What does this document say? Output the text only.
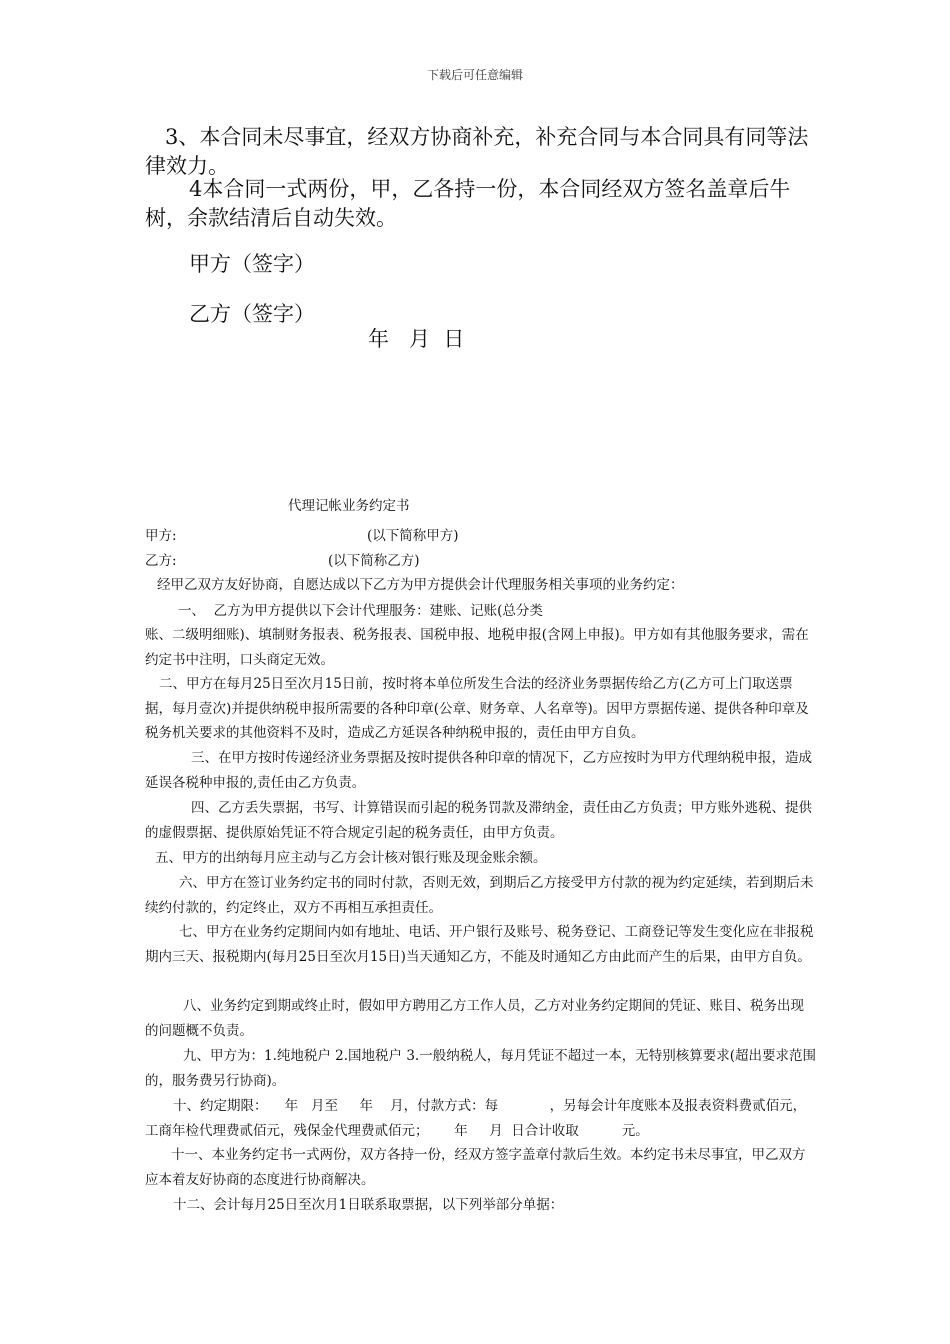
下载后可任意编辑
3、本合同未尽事宜，经双方协商补充，补充合同与本合同具有同等法律效力。
4本合同一式两份，甲，乙各持一份，本合同经双方签名盖章后牛树，余款结清后自动失效。
甲方（签字）
乙方（签字）
年   月  日
代理记帐业务约定书
甲方:	(以下简称甲方)
乙方:	(以下简称乙方)
经甲乙双方友好协商，自愿达成以下乙方为甲方提供会计代理服务相关事项的业务约定：
一、  乙方为甲方提供以下会计代理服务：建账、记账(总分类
账、二级明细账)、填制财务报表、税务报表、国税申报、地税申报(含网上申报)。甲方如有其他服务要求，需在约定书中注明，口头商定无效。
二、甲方在每月25日至次月15日前，按时将本单位所发生合法的经济业务票据传给乙方(乙方可上门取送票据，每月壹次)并提供纳税申报所需要的各种印章(公章、财务章、人名章等)。因甲方票据传递、提供各种印章及税务机关要求的其他资料不及时，造成乙方延误各种纳税申报的，责任由甲方自负。
三、在甲方按时传递经济业务票据及按时提供各种印章的情况下，乙方应按时为甲方代理纳税申报，造成延误各税种申报的,责任由乙方负责。
四、乙方丢失票据，书写、计算错误而引起的税务罚款及滞纳金，责任由乙方负责；甲方账外逃税、提供的虚假票据、提供原始凭证不符合规定引起的税务责任，由甲方负责。
五、甲方的出纳每月应主动与乙方会计核对银行账及现金账余额。
六、甲方在签订业务约定书的同时付款，否则无效，到期后乙方接受甲方付款的视为约定延续，若到期后未续约付款的，约定终止，双方不再相互承担责任。
七、甲方在业务约定期间内如有地址、电话、开户银行及账号、税务登记、工商登记等发生变化应在非报税期内三天、报税期内(每月25日至次月15日)当天通知乙方，不能及时通知乙方由此而产生的后果，由甲方自负。
八、业务约定到期或终止时，假如甲方聘用乙方工作人员，乙方对业务约定期间的凭证、账目、税务出现的问题概不负责。
九、甲方为：1.纯地税户 2.国地税户 3.一般纳税人，每月凭证不超过一本，无特别核算要求(超出要求范围的，服务费另行协商)。
十、约定期限：    年   月至     年    月，付款方式：每            ，另每会计年度账本及报表资料费贰佰元，工商年检代理费贰佰元，残保金代理费贰佰元；      年     月  日合计收取          元。
十一、本业务约定书一式两份，双方各持一份，经双方签字盖章付款后生效。本约定书未尽事宜，甲乙双方应本着友好协商的态度进行协商解决。
十二、会计每月25日至次月1日联系取票据，以下列举部分单据：
